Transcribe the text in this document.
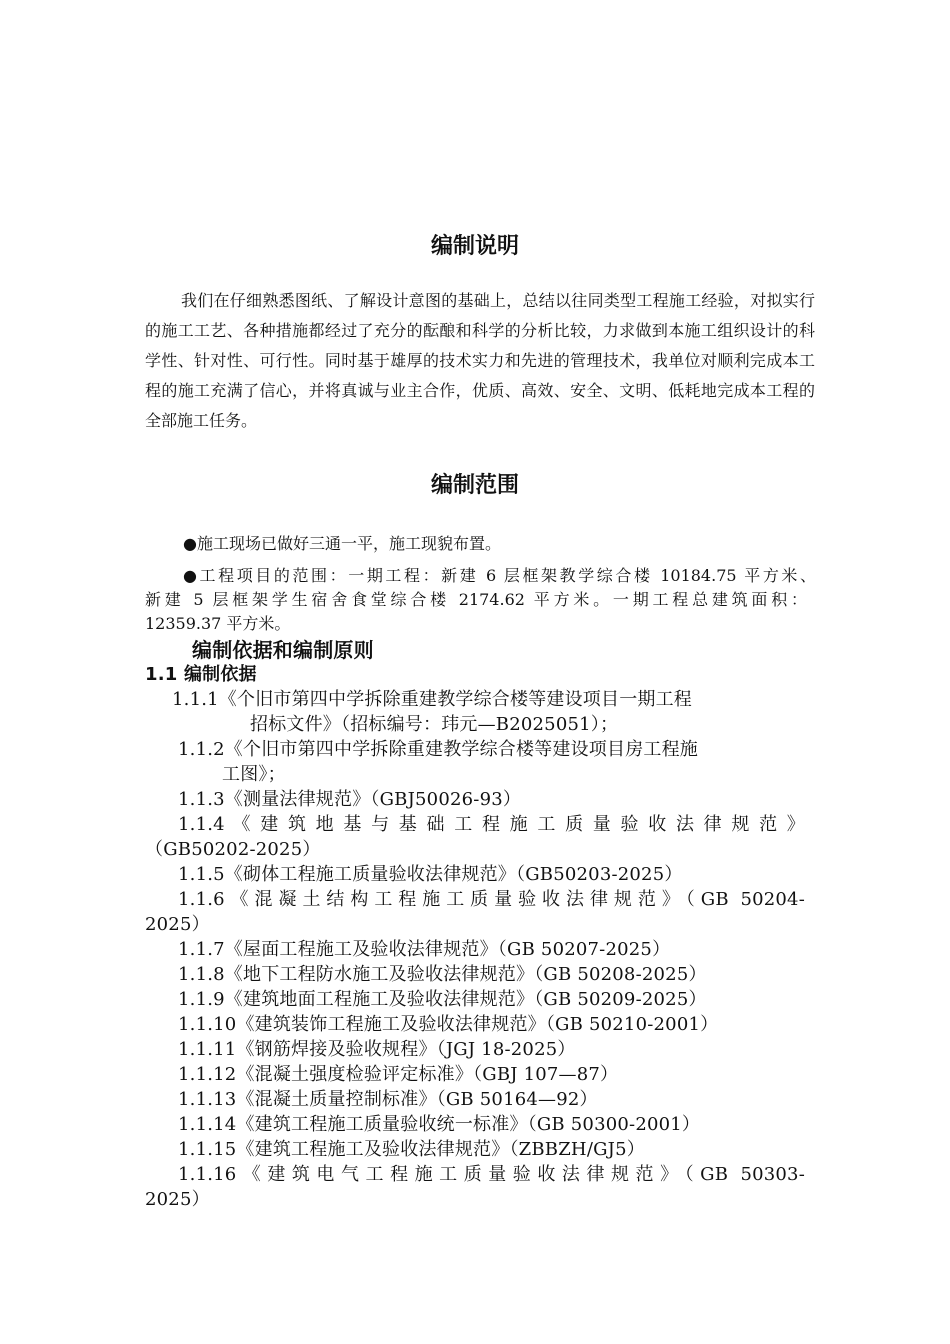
编制说明
我们在仔细熟悉图纸、了解设计意图的基础上，总结以往同类型工程施工经验，对拟实行的施工工艺、各种措施都经过了充分的酝酿和科学的分析比较，力求做到本施工组织设计的科学性、针对性、可行性。同时基于雄厚的技术实力和先进的管理技术，我单位对顺利完成本工程的施工充满了信心，并将真诚与业主合作，优质、高效、安全、文明、低耗地完成本工程的全部施工任务。
编制范围
●施工现场已做好三通一平，施工现貌布置。
●工程项目的范围：一期工程：新建 6 层框架教学综合楼 10184.75 平方米、
新建 5 层框架学生宿舍食堂综合楼 2174.62 平方米。一期工程总建筑面积：
12359.37 平方米。
编制依据和编制原则
1.1 编制依据
1.1.1《个旧市第四中学拆除重建教学综合楼等建设项目一期工程
招标文件》（招标编号：玮元—B2025051）；
1.1.2《个旧市第四中学拆除重建教学综合楼等建设项目房工程施
工图》；
1.1.3《测量法律规范》（GBJ50026-93）
1.1.4 《 建 筑 地 基 与 基 础 工 程 施 工 质 量 验 收 法 律 规 范 》
（GB50202-2025）
1.1.5《砌体工程施工质量验收法律规范》（GB50203-2025）
1.1.6《混凝土结构工程施工质量验收法律规范》（GB 50204-
2025）
1.1.7《屋面工程施工及验收法律规范》（GB 50207-2025）
1.1.8《地下工程防水施工及验收法律规范》（GB 50208-2025）
1.1.9《建筑地面工程施工及验收法律规范》（GB 50209-2025）
1.1.10《建筑装饰工程施工及验收法律规范》（GB 50210-2001）
1.1.11《钢筋焊接及验收规程》（JGJ 18-2025）
1.1.12《混凝土强度检验评定标准》（GBJ 107—87）
1.1.13《混凝土质量控制标准》（GB 50164—92）
1.1.14《建筑工程施工质量验收统一标准》（GB 50300-2001）
1.1.15《建筑工程施工及验收法律规范》（ZBBZH/GJ5）
1.1.16《建筑电气工程施工质量验收法律规范》（GB 50303-
2025）
